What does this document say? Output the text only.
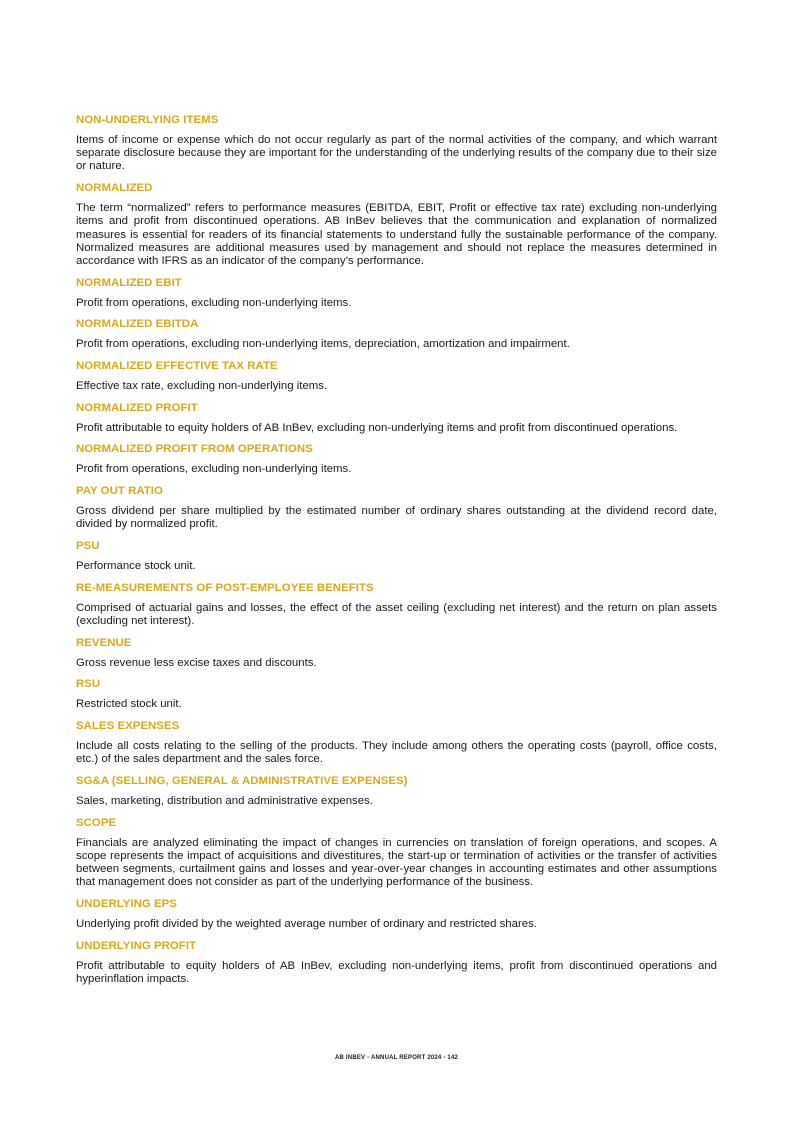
NON-UNDERLYING ITEMS
Items of income or expense which do not occur regularly as part of the normal activities of the company, and which warrant separate disclosure because they are important for the understanding of the underlying results of the company due to their size or nature.
NORMALIZED
The term “normalized” refers to performance measures (EBITDA, EBIT, Profit or effective tax rate) excluding non-underlying items and profit from discontinued operations. AB InBev believes that the communication and explanation of normalized measures is essential for readers of its financial statements to understand fully the sustainable performance of the company. Normalized measures are additional measures used by management and should not replace the measures determined in accordance with IFRS as an indicator of the company’s performance.
NORMALIZED EBIT
Profit from operations, excluding non-underlying items.
NORMALIZED EBITDA
Profit from operations, excluding non-underlying items, depreciation, amortization and impairment.
NORMALIZED EFFECTIVE TAX RATE
Effective tax rate, excluding non-underlying items.
NORMALIZED PROFIT
Profit attributable to equity holders of AB InBev, excluding non-underlying items and profit from discontinued operations.
NORMALIZED PROFIT FROM OPERATIONS
Profit from operations, excluding non-underlying items.
PAY OUT RATIO
Gross dividend per share multiplied by the estimated number of ordinary shares outstanding at the dividend record date, divided by normalized profit.
PSU
Performance stock unit.
RE-MEASUREMENTS OF POST-EMPLOYEE BENEFITS
Comprised of actuarial gains and losses, the effect of the asset ceiling (excluding net interest) and the return on plan assets (excluding net interest).
REVENUE
Gross revenue less excise taxes and discounts.
RSU
Restricted stock unit.
SALES EXPENSES
Include all costs relating to the selling of the products. They include among others the operating costs (payroll, office costs, etc.) of the sales department and the sales force.
SG&A (SELLING, GENERAL & ADMINISTRATIVE EXPENSES)
Sales, marketing, distribution and administrative expenses.
SCOPE
Financials are analyzed eliminating the impact of changes in currencies on translation of foreign operations, and scopes. A scope represents the impact of acquisitions and divestitures, the start-up or termination of activities or the transfer of activities between segments, curtailment gains and losses and year-over-year changes in accounting estimates and other assumptions that management does not consider as part of the underlying performance of the business.
UNDERLYING EPS
Underlying profit divided by the weighted average number of ordinary and restricted shares.
UNDERLYING PROFIT
Profit attributable to equity holders of AB InBev, excluding non-underlying items, profit from discontinued operations and hyperinflation impacts.
AB INBEV - ANNUAL REPORT 2024 - 142
